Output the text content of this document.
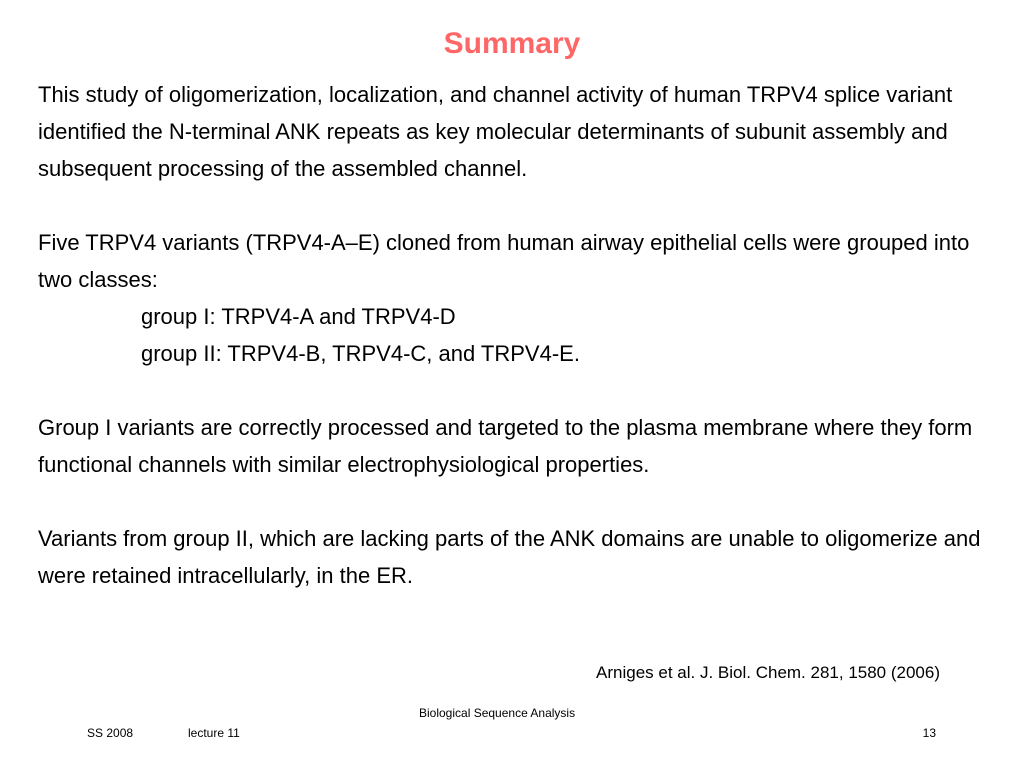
Summary

This study of oligomerization, localization, and channel activity of human TRPV4 splice variant identified the N-terminal ANK repeats as key molecular determinants of subunit assembly and subsequent processing of the assembled channel.

Five TRPV4 variants (TRPV4-A–E) cloned from human airway epithelial cells were grouped into two classes:

group I: TRPV4-A and TRPV4-D

group II: TRPV4-B, TRPV4-C, and TRPV4-E.

Group I variants are correctly processed and targeted to the plasma membrane where they form functional channels with similar electrophysiological properties.

Variants from group II, which are lacking parts of the ANK domains are unable to oligomerize and were retained intracellularly, in the ER.

Arniges et al. J. Biol. Chem. 281, 1580 (2006)
Biological Sequence Analysis
SS 2008	lecture 11	13
